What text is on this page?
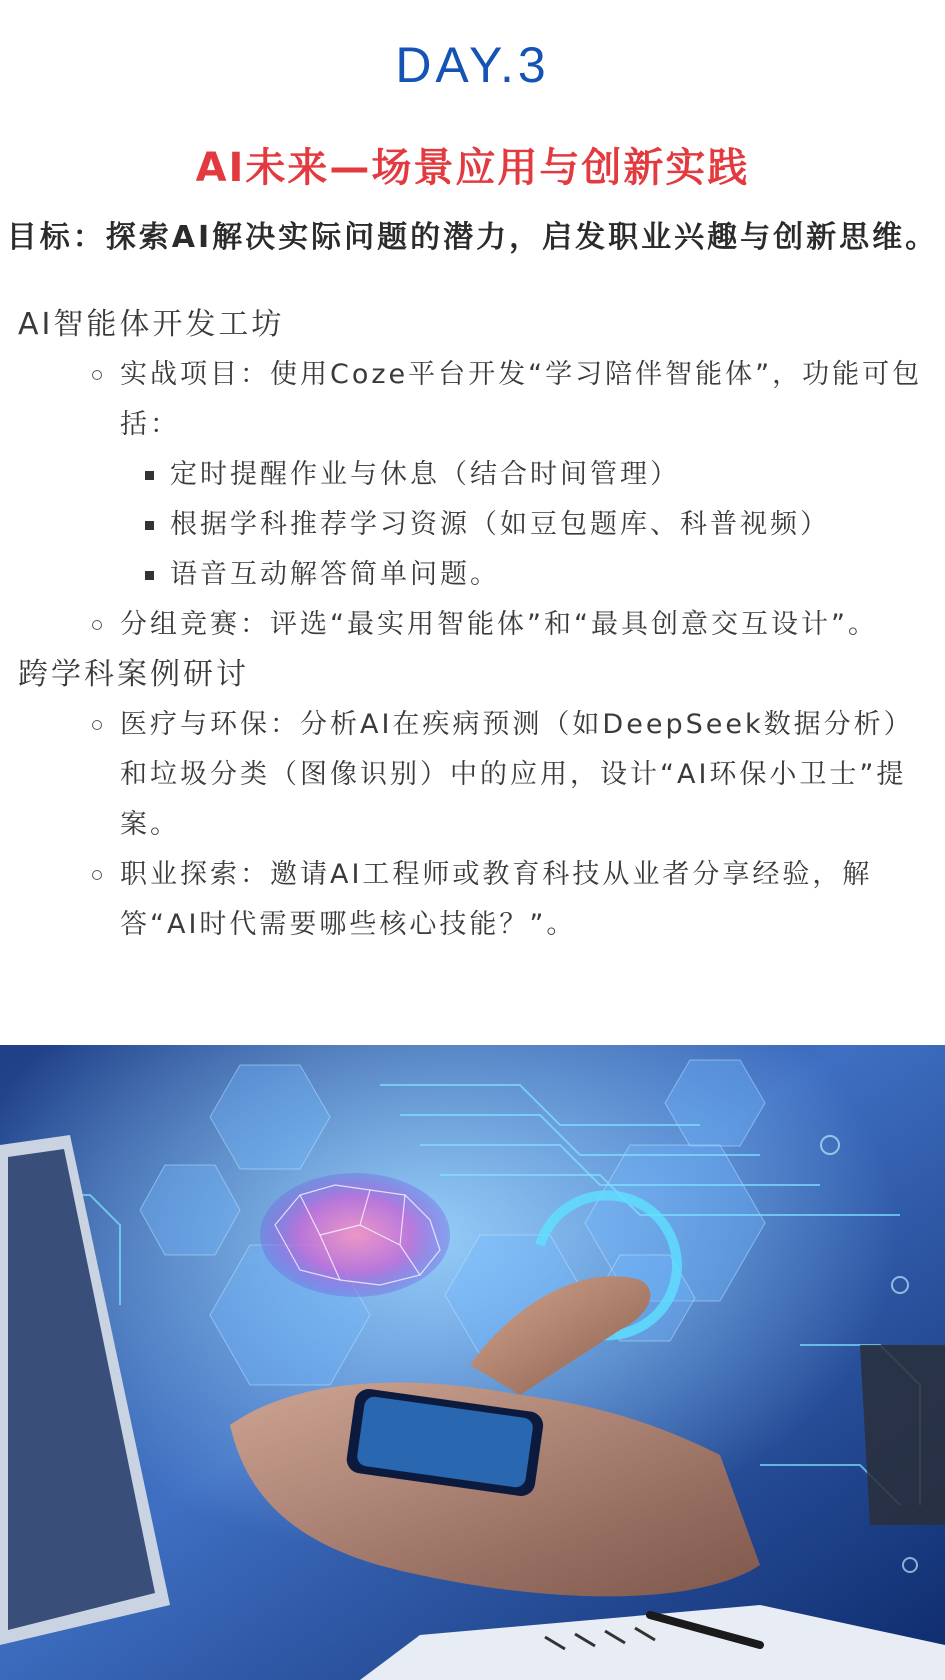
DAY.3
AI未来—场景应用与创新实践
目标：探索AI解决实际问题的潜力，启发职业兴趣与创新思维。
AI智能体开发工坊
实战项目：使用Coze平台开发“学习陪伴智能体”，功能可包括：
定时提醒作业与休息（结合时间管理）
根据学科推荐学习资源（如豆包题库、科普视频）
语音互动解答简单问题。
分组竞赛：评选“最实用智能体”和“最具创意交互设计”。
跨学科案例研讨
医疗与环保：分析AI在疾病预测（如DeepSeek数据分析）和垃圾分类（图像识别）中的应用，设计“AI环保小卫士”提案。
职业探索：邀请AI工程师或教育科技从业者分享经验，解答“AI时代需要哪些核心技能？”。
